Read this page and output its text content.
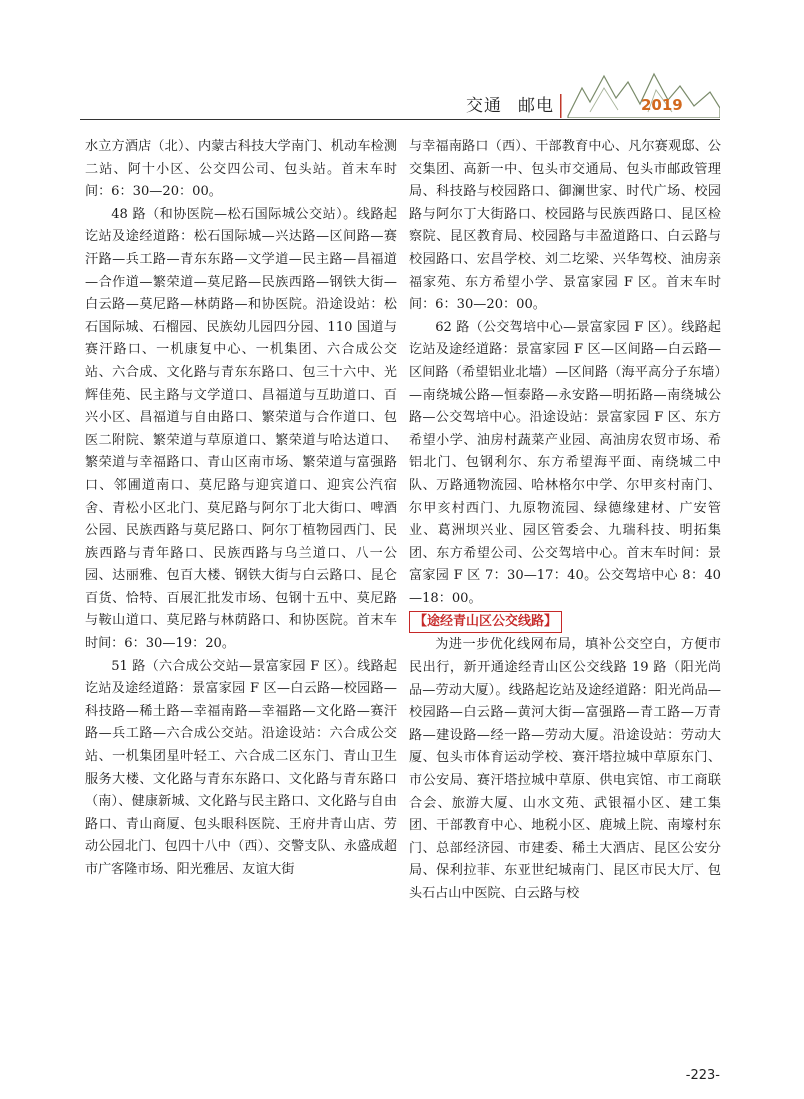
交通 邮电	2019

水立方酒店（北）、内蒙古科技大学南门、机动车检测二站、阿十小区、公交四公司、包头站。首末车时间：6：30—20：00。

48 路（和协医院—松石国际城公交站）。线路起讫站及途经道路：松石国际城—兴达路—区间路—赛汗路—兵工路—青东东路—文学道—民主路—昌福道—合作道—繁荣道—莫尼路—民族西路—钢铁大街—白云路—莫尼路—林荫路—和协医院。沿途设站：松石国际城、石榴园、民族幼儿园四分园、110 国道与赛汗路口、一机康复中心、一机集团、六合成公交站、六合成、文化路与青东东路口、包三十六中、光辉佳苑、民主路与文学道口、昌福道与互助道口、百兴小区、昌福道与自由路口、繁荣道与合作道口、包医二附院、繁荣道与草原道口、繁荣道与哈达道口、繁荣道与幸福路口、青山区南市场、繁荣道与富强路口、邻圃道南口、莫尼路与迎宾道口、迎宾公汽宿舍、青松小区北门、莫尼路与阿尔丁北大街口、啤酒公园、民族西路与莫尼路口、阿尔丁植物园西门、民族西路与青年路口、民族西路与乌兰道口、八一公园、达丽雅、包百大楼、钢铁大街与白云路口、昆仑百货、恰特、百展汇批发市场、包钢十五中、莫尼路与鞍山道口、莫尼路与林荫路口、和协医院。首末车时间：6：30—19：20。

51 路（六合成公交站—景富家园 F 区）。线路起讫站及途经道路：景富家园 F 区—白云路—校园路—科技路—稀土路—幸福南路—幸福路—文化路—赛汗路—兵工路—六合成公交站。沿途设站：六合成公交站、一机集团星叶轻工、六合成二区东门、青山卫生服务大楼、文化路与青东东路口、文化路与青东路口（南）、健康新城、文化路与民主路口、文化路与自由路口、青山商厦、包头眼科医院、王府井青山店、劳动公园北门、包四十八中（西）、交警支队、永盛成超市广客隆市场、阳光雅居、友谊大街

与幸福南路口（西）、干部教育中心、凡尔赛观邸、公交集团、高新一中、包头市交通局、包头市邮政管理局、科技路与校园路口、御澜世家、时代广场、校园路与阿尔丁大街路口、校园路与民族西路口、昆区检察院、昆区教育局、校园路与丰盈道路口、白云路与校园路口、宏昌学校、刘二圪梁、兴华驾校、油房亲福家苑、东方希望小学、景富家园 F 区。首末车时间：6：30—20：00。

62 路（公交驾培中心—景富家园 F 区）。线路起讫站及途经道路：景富家园 F 区—区间路—白云路—区间路（希望铝业北墙）—区间路（海平高分子东墙）—南绕城公路—恒泰路—永安路—明拓路—南绕城公路—公交驾培中心。沿途设站：景富家园 F 区、东方希望小学、油房村蔬菜产业园、高油房农贸市场、希铝北门、包钢利尔、东方希望海平面、南绕城二中队、万路通物流园、哈林格尔中学、尔甲亥村南门、尔甲亥村西门、九原物流园、绿德缘建材、广安管业、葛洲坝兴业、园区管委会、九瑞科技、明拓集团、东方希望公司、公交驾培中心。首末车时间：景富家园 F 区 7：30—17：40。公交驾培中心 8：40—18：00。

【途经青山区公交线路】

为进一步优化线网布局，填补公交空白，方便市民出行，新开通途经青山区公交线路 19 路（阳光尚品—劳动大厦）。线路起讫站及途经道路：阳光尚品—校园路—白云路—黄河大街—富强路—青工路—万青路—建设路—经一路—劳动大厦。沿途设站：劳动大厦、包头市体育运动学校、赛汗塔拉城中草原东门、市公安局、赛汗塔拉城中草原、供电宾馆、市工商联合会、旅游大厦、山水文苑、武银福小区、建工集团、干部教育中心、地税小区、鹿城上院、南壕村东门、总部经济园、市建委、稀土大酒店、昆区公安分局、保利拉菲、东亚世纪城南门、昆区市民大厅、包头石占山中医院、白云路与校

-223-
